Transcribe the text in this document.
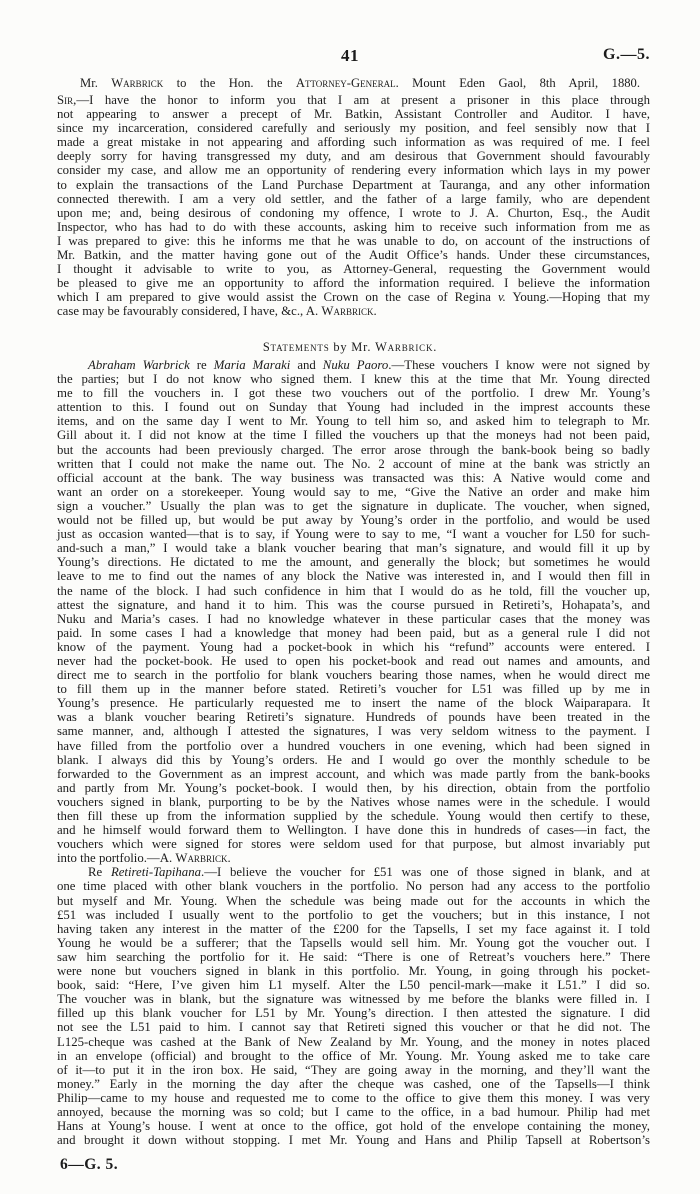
41	G.—5.
Mr. Warbrick to the Hon. the Attorney-General. Mount Eden Gaol, 8th April, 1880.
Sir,—I have the honor to inform you that I am at present a prisoner in this place through
not appearing to answer a precept of Mr. Batkin, Assistant Controller and Auditor. I have,
since my incarceration, considered carefully and seriously my position, and feel sensibly now that I
made a great mistake in not appearing and affording such information as was required of me. I feel
deeply sorry for having transgressed my duty, and am desirous that Government should favourably
consider my case, and allow me an opportunity of rendering every information which lays in my power
to explain the transactions of the Land Purchase Department at Tauranga, and any other information
connected therewith. I am a very old settler, and the father of a large family, who are dependent
upon me; and, being desirous of condoning my offence, I wrote to J. A. Churton, Esq., the Audit
Inspector, who has had to do with these accounts, asking him to receive such information from me as
I was prepared to give: this he informs me that he was unable to do, on account of the instructions of
Mr. Batkin, and the matter having gone out of the Audit Office’s hands. Under these circumstances,
I thought it advisable to write to you, as Attorney-General, requesting the Government would
be pleased to give me an opportunity to afford the information required. I believe the information
which I am prepared to give would assist the Crown on the case of Regina v. Young.—Hoping that my
case may be favourably considered, I have, &c., A. Warbrick.
Statements by Mr. Warbrick.
Abraham Warbrick re Maria Maraki and Nuku Paoro.—These vouchers I know were not signed by
the parties; but I do not know who signed them. I knew this at the time that Mr. Young directed
me to fill the vouchers in. I got these two vouchers out of the portfolio. I drew Mr. Young’s
attention to this. I found out on Sunday that Young had included in the imprest accounts these
items, and on the same day I went to Mr. Young to tell him so, and asked him to telegraph to Mr.
Gill about it. I did not know at the time I filled the vouchers up that the moneys had not been paid,
but the accounts had been previously charged. The error arose through the bank-book being so badly
written that I could not make the name out. The No. 2 account of mine at the bank was strictly an
official account at the bank. The way business was transacted was this: A Native would come and
want an order on a storekeeper. Young would say to me, “Give the Native an order and make him
sign a voucher.” Usually the plan was to get the signature in duplicate. The voucher, when signed,
would not be filled up, but would be put away by Young’s order in the portfolio, and would be used
just as occasion wanted—that is to say, if Young were to say to me, “I want a voucher for L50 for such-
and-such a man,” I would take a blank voucher bearing that man’s signature, and would fill it up by
Young’s directions. He dictated to me the amount, and generally the block; but sometimes he would
leave to me to find out the names of any block the Native was interested in, and I would then fill in
the name of the block. I had such confidence in him that I would do as he told, fill the voucher up,
attest the signature, and hand it to him. This was the course pursued in Retireti’s, Hohapata’s, and
Nuku and Maria’s cases. I had no knowledge whatever in these particular cases that the money was
paid. In some cases I had a knowledge that money had been paid, but as a general rule I did not
know of the payment. Young had a pocket-book in which his “refund” accounts were entered. I
never had the pocket-book. He used to open his pocket-book and read out names and amounts, and
direct me to search in the portfolio for blank vouchers bearing those names, when he would direct me
to fill them up in the manner before stated. Retireti’s voucher for L51 was filled up by me in
Young’s presence. He particularly requested me to insert the name of the block Waiparapara. It
was a blank voucher bearing Retireti’s signature. Hundreds of pounds have been treated in the
same manner, and, although I attested the signatures, I was very seldom witness to the payment. I
have filled from the portfolio over a hundred vouchers in one evening, which had been signed in
blank. I always did this by Young’s orders. He and I would go over the monthly schedule to be
forwarded to the Government as an imprest account, and which was made partly from the bank-books
and partly from Mr. Young’s pocket-book. I would then, by his direction, obtain from the portfolio
vouchers signed in blank, purporting to be by the Natives whose names were in the schedule. I would
then fill these up from the information supplied by the schedule. Young would then certify to these,
and he himself would forward them to Wellington. I have done this in hundreds of cases—in fact, the
vouchers which were signed for stores were seldom used for that purpose, but almost invariably put
into the portfolio.—A. Warbrick.
Re Retireti-Tapihana.—I believe the voucher for £51 was one of those signed in blank, and at
one time placed with other blank vouchers in the portfolio. No person had any access to the portfolio
but myself and Mr. Young. When the schedule was being made out for the accounts in which the
£51 was included I usually went to the portfolio to get the vouchers; but in this instance, I not
having taken any interest in the matter of the £200 for the Tapsells, I set my face against it. I told
Young he would be a sufferer; that the Tapsells would sell him. Mr. Young got the voucher out. I
saw him searching the portfolio for it. He said: “There is one of Retreat’s vouchers here.” There
were none but vouchers signed in blank in this portfolio. Mr. Young, in going through his pocket-
book, said: “Here, I’ve given him L1 myself. Alter the L50 pencil-mark—make it L51.” I did so.
The voucher was in blank, but the signature was witnessed by me before the blanks were filled in. I
filled up this blank voucher for L51 by Mr. Young’s direction. I then attested the signature. I did
not see the L51 paid to him. I cannot say that Retireti signed this voucher or that he did not. The
L125-cheque was cashed at the Bank of New Zealand by Mr. Young, and the money in notes placed
in an envelope (official) and brought to the office of Mr. Young. Mr. Young asked me to take care
of it—to put it in the iron box. He said, “They are going away in the morning, and they’ll want the
money.” Early in the morning the day after the cheque was cashed, one of the Tapsells—I think
Philip—came to my house and requested me to come to the office to give them this money. I was very
annoyed, because the morning was so cold; but I came to the office, in a bad humour. Philip had met
Hans at Young’s house. I went at once to the office, got hold of the envelope containing the money,
and brought it down without stopping. I met Mr. Young and Hans and Philip Tapsell at Robertson’s
6—G. 5.
